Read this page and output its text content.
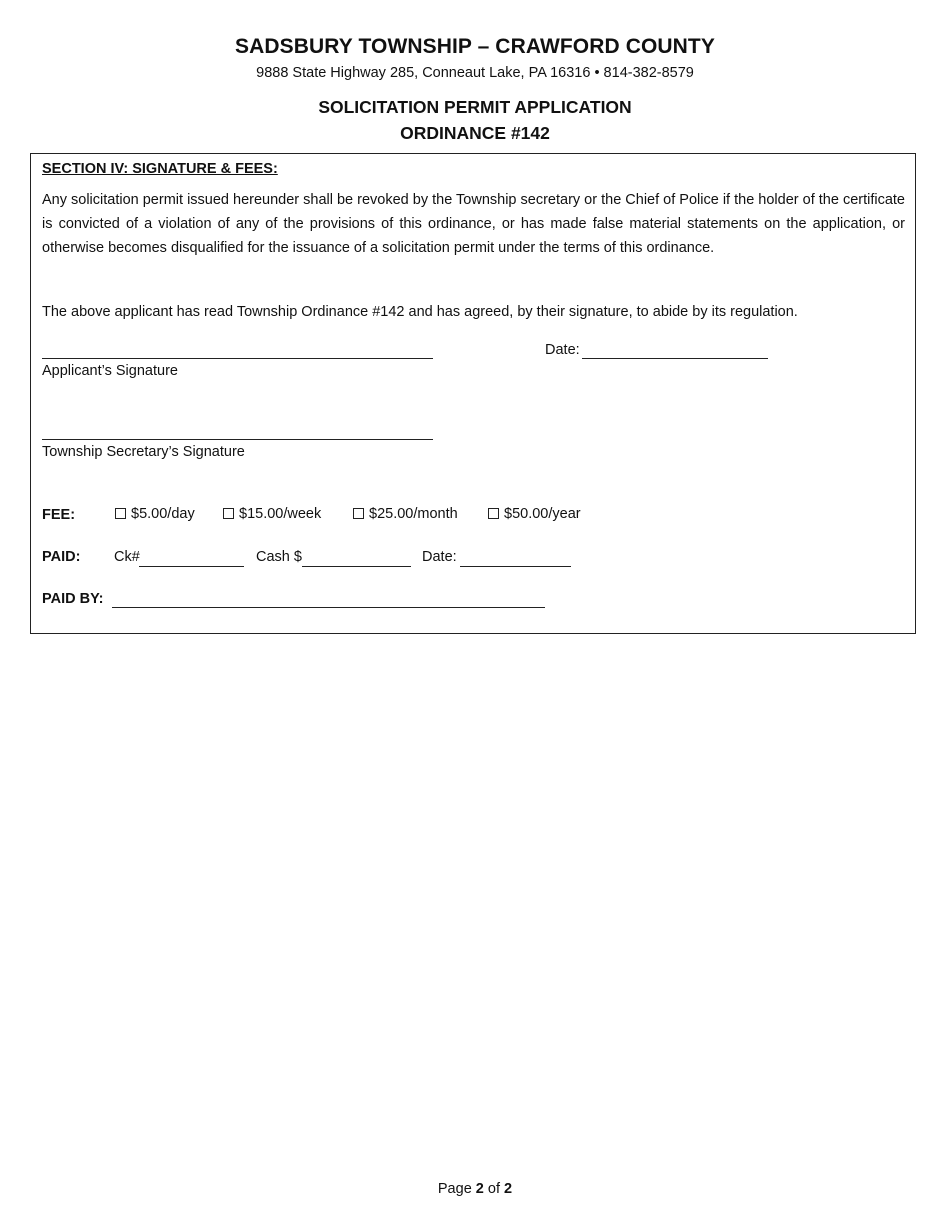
SADSBURY TOWNSHIP – CRAWFORD COUNTY
9888 State Highway 285, Conneaut Lake, PA 16316 • 814-382-8579
SOLICITATION PERMIT APPLICATION
ORDINANCE #142
SECTION IV: SIGNATURE & FEES:
Any solicitation permit issued hereunder shall be revoked by the Township secretary or the Chief of Police if the holder of the certificate is convicted of a violation of any of the provisions of this ordinance, or has made false material statements on the application, or otherwise becomes disqualified for the issuance of a solicitation permit under the terms of this ordinance.
The above applicant has read Township Ordinance #142 and has agreed, by their signature, to abide by its regulation.
Applicant’s Signature
Date:
Township Secretary’s Signature
FEE:	$5.00/day	$15.00/week	$25.00/month	$50.00/year
PAID: Ck#	Cash $	Date:
PAID BY:
Page 2 of 2
